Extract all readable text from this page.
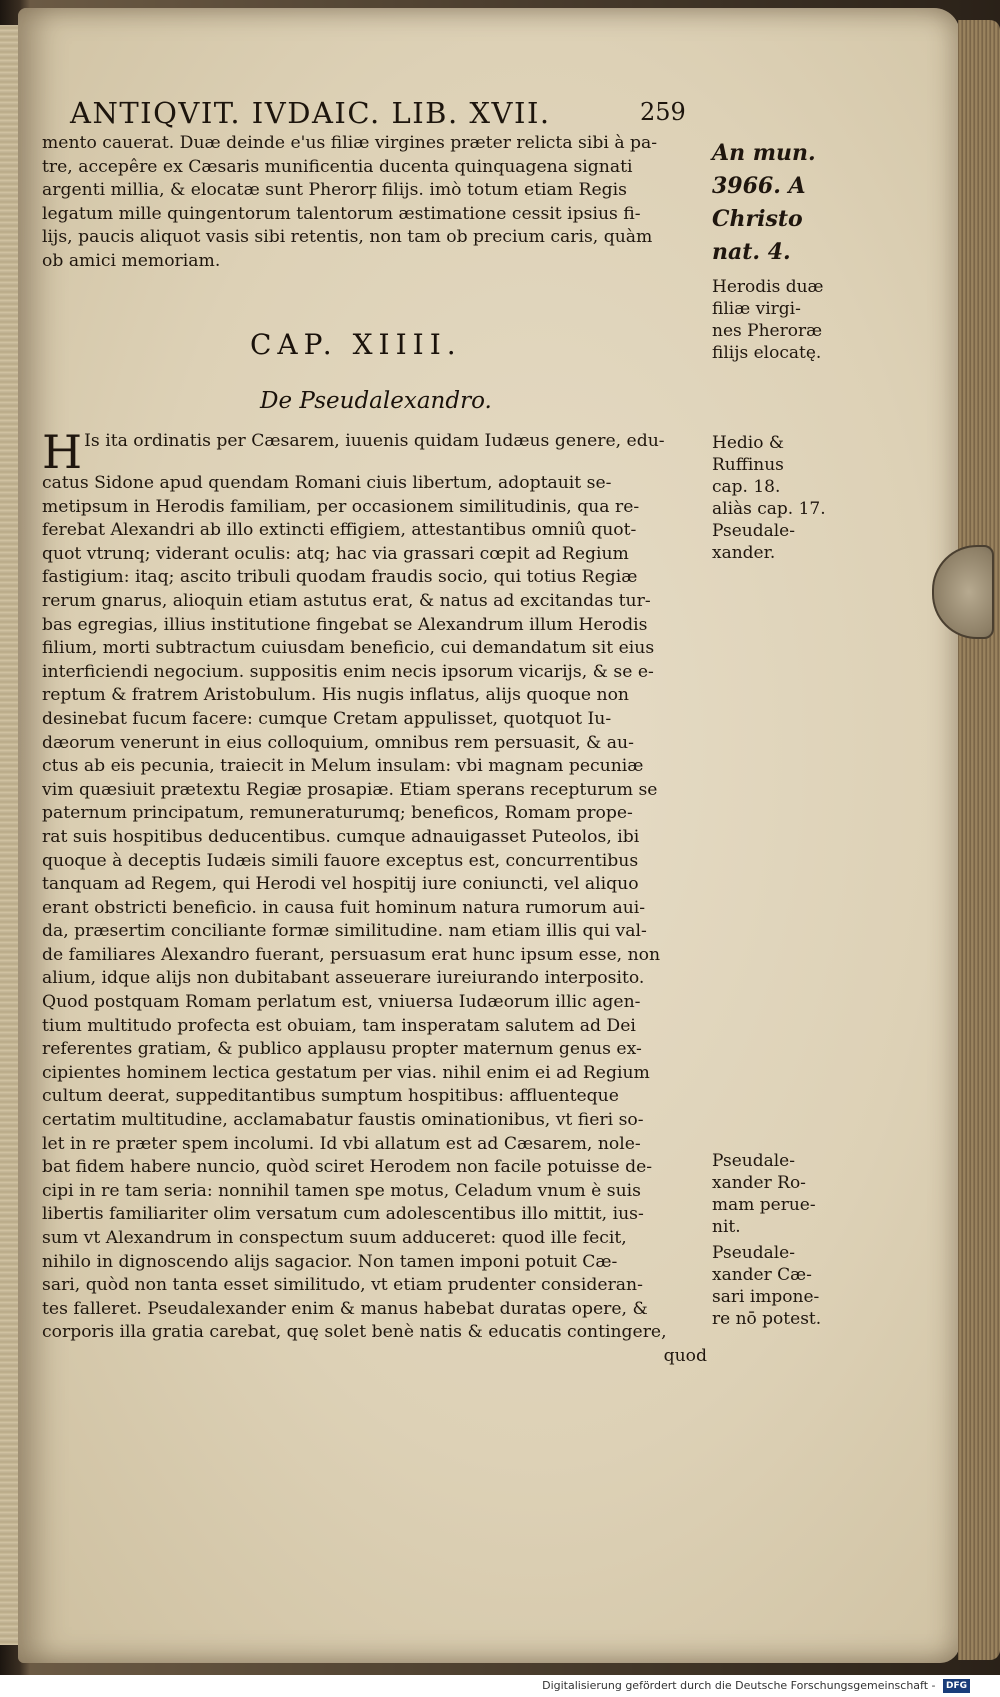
ANTIQVIT. IVDAIC. LIB. XVII.	259
mento cauerat. Duæ deinde e'us filiæ virgines præter relicta sibi à pa-
tre, accepêre ex Cæsaris munificentia ducenta quinquagena signati
argenti millia, & elocatæ sunt Pherorꝼ filijs. imò totum etiam Regis
legatum mille quingentorum talentorum æstimatione cessit ipsius fi-
lijs, paucis aliquot vasis sibi retentis, non tam ob precium caris, quàm
ob amici memoriam.
CAP. XIIII.
De Pseudalexandro.
H Is ita ordinatis per Cæsarem, iuuenis quidam Iudæus genere, edu-
catus Sidone apud quendam Romani ciuis libertum, adoptauit se-
metipsum in Herodis familiam, per occasionem similitudinis, qua re-
ferebat Alexandri ab illo extincti effigiem, attestantibus omniû quot-
quot vtrunq; viderant oculis: atq; hac via grassari cœpit ad Regium
fastigium: itaq; ascito tribuli quodam fraudis socio, qui totius Regiæ
rerum gnarus, alioquin etiam astutus erat, & natus ad excitandas tur-
bas egregias, illius institutione fingebat se Alexandrum illum Herodis
filium, morti subtractum cuiusdam beneficio, cui demandatum sit eius
interficiendi negocium. suppositis enim necis ipsorum vicarijs, & se e-
reptum & fratrem Aristobulum. His nugis inflatus, alijs quoque non
desinebat fucum facere: cumque Cretam appulisset, quotquot Iu-
dæorum venerunt in eius colloquium, omnibus rem persuasit, & au-
ctus ab eis pecunia, traiecit in Melum insulam: vbi magnam pecuniæ
vim quæsiuit prætextu Regiæ prosapiæ. Etiam sperans recepturum se
paternum principatum, remuneraturumq; beneficos, Romam prope-
rat suis hospitibus deducentibus. cumque adnauigasset Puteolos, ibi
quoque à deceptis Iudæis simili fauore exceptus est, concurrentibus
tanquam ad Regem, qui Herodi vel hospitij iure coniuncti, vel aliquo
erant obstricti beneficio. in causa fuit hominum natura rumorum aui-
da, præsertim conciliante formæ similitudine. nam etiam illis qui val-
de familiares Alexandro fuerant, persuasum erat hunc ipsum esse, non
alium, idque alijs non dubitabant asseuerare iureiurando interposito.
Quod postquam Romam perlatum est, vniuersa Iudæorum illic agen-
tium multitudo profecta est obuiam, tam insperatam salutem ad Dei
referentes gratiam, & publico applausu propter maternum genus ex-
cipientes hominem lectica gestatum per vias. nihil enim ei ad Regium
cultum deerat, suppeditantibus sumptum hospitibus: affluenteque
certatim multitudine, acclamabatur faustis ominationibus, vt fieri so-
let in re præter spem incolumi. Id vbi allatum est ad Cæsarem, nole-
bat fidem habere nuncio, quòd sciret Herodem non facile potuisse de-
cipi in re tam seria: nonnihil tamen spe motus, Celadum vnum è suis
libertis familiariter olim versatum cum adolescentibus illo mittit, ius-
sum vt Alexandrum in conspectum suum adduceret: quod ille fecit,
nihilo in dignoscendo alijs sagacior. Non tamen imponi potuit Cæ-
sari, quòd non tanta esset similitudo, vt etiam prudenter consideran-
tes falleret. Pseudalexander enim & manus habebat duratas opere, &
corporis illa gratia carebat, quę solet benè natis & educatis contingere,
quod
An mun.
3966. A
Christo
nat. 4.
Herodis duæ
filiæ virgi-
nes Pheroræ
filijs elocatę.
Hedio &
Ruffinus
cap. 18.
aliàs cap. 17.
Pseudale-
xander.
Pseudale-
xander Ro-
mam perue-
nit.
Pseudale-
xander Cæ-
sari impone-
re nō potest.
Digitalisierung gefördert durch die Deutsche Forschungsgemeinschaft - DFG
